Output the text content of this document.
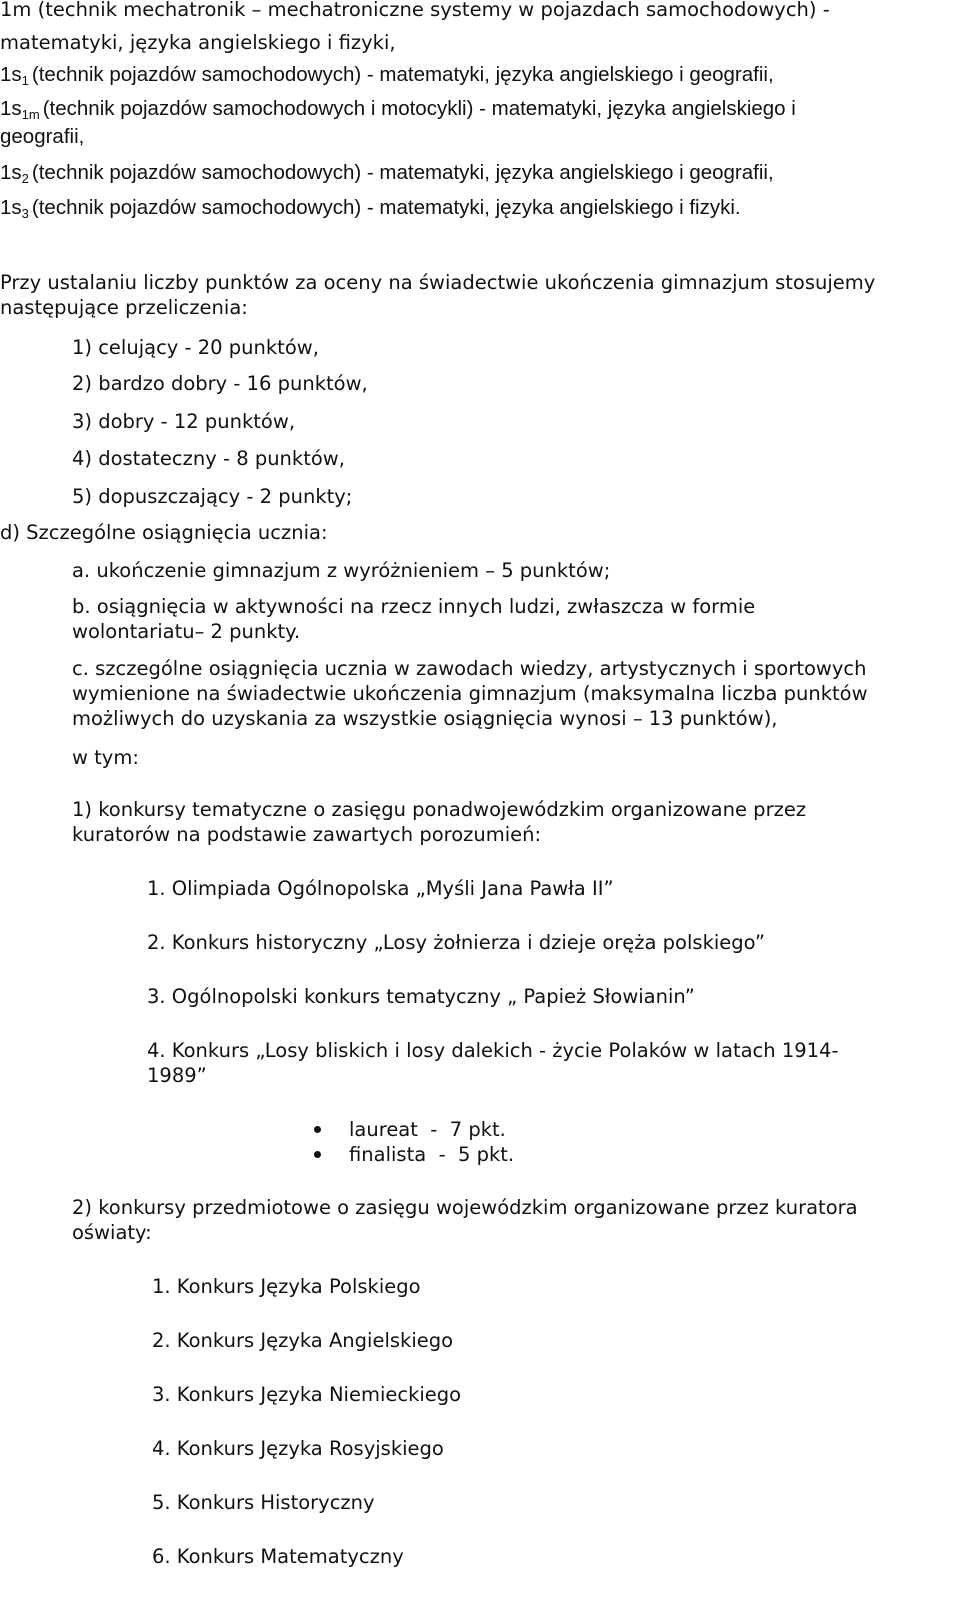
1m (technik mechatronik – mechatroniczne systemy w pojazdach samochodowych) -
matematyki, języka angielskiego i fizyki,
1s1 (technik pojazdów samochodowych) - matematyki, języka angielskiego i geografii,
1s1m (technik pojazdów samochodowych i motocykli) - matematyki, języka angielskiego i
geografii,
1s2 (technik pojazdów samochodowych) - matematyki, języka angielskiego i geografii,
1s3 (technik pojazdów samochodowych) - matematyki, języka angielskiego i fizyki.
Przy ustalaniu liczby punktów za oceny na świadectwie ukończenia gimnazjum stosujemy
następujące przeliczenia:
1) celujący - 20 punktów,
2) bardzo dobry - 16 punktów,
3) dobry - 12 punktów,
4) dostateczny - 8 punktów,
5) dopuszczający - 2 punkty;
d) Szczególne osiągnięcia ucznia:
a. ukończenie gimnazjum z wyróżnieniem – 5 punktów;
b. osiągnięcia w aktywności na rzecz innych ludzi, zwłaszcza w formie
wolontariatu– 2 punkty.
c. szczególne osiągnięcia ucznia w zawodach wiedzy, artystycznych i sportowych
wymienione na świadectwie ukończenia gimnazjum (maksymalna liczba punktów
możliwych do uzyskania za wszystkie osiągnięcia wynosi – 13 punktów),
w tym:
1) konkursy tematyczne o zasięgu ponadwojewódzkim organizowane przez
kuratorów na podstawie zawartych porozumień:
1. Olimpiada Ogólnopolska „Myśli Jana Pawła II”
2. Konkurs historyczny „Losy żołnierza i dzieje oręża polskiego”
3. Ogólnopolski konkurs tematyczny „ Papież Słowianin”
4. Konkurs „Losy bliskich i losy dalekich - życie Polaków w latach 1914-
1989”
laureat  -  7 pkt.
finalista  -  5 pkt.
2) konkursy przedmiotowe o zasięgu wojewódzkim organizowane przez kuratora
oświaty:
1. Konkurs Języka Polskiego
2. Konkurs Języka Angielskiego
3. Konkurs Języka Niemieckiego
4. Konkurs Języka Rosyjskiego
5. Konkurs Historyczny
6. Konkurs Matematyczny
